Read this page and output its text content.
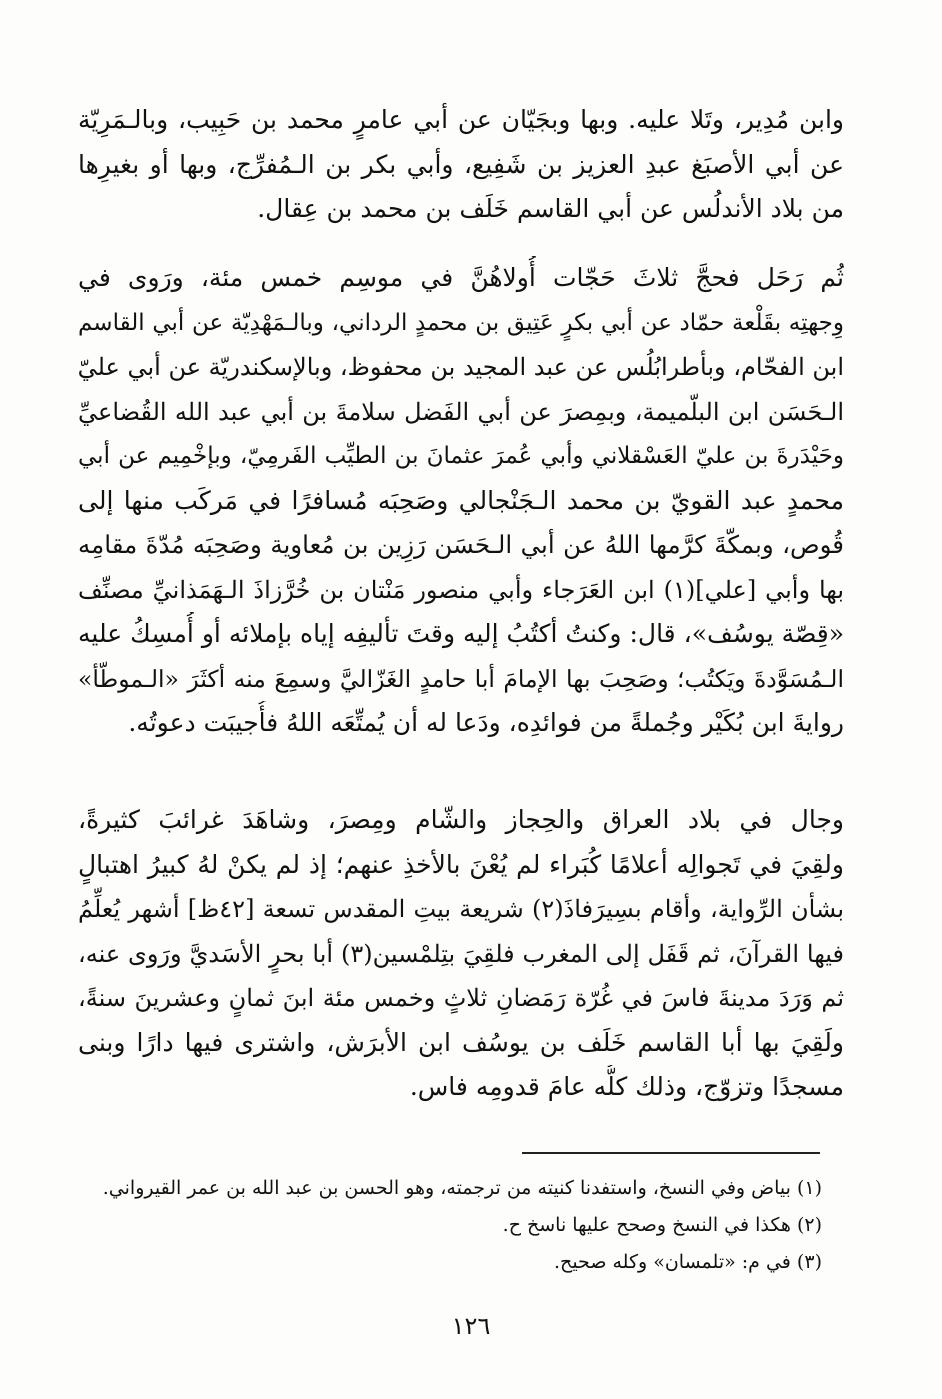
وابن مُدِير، وتَلا عليه. وبها وبجَيّان عن أبي عامرٍ محمد بن حَبِيب، وبالـمَرِيّة
عن أبي الأصبَغ عبدِ العزيز بن شَفِيع، وأبي بكر بن الـمُفرِّج، وبها أو بغيرِها
من بلاد الأندلُس عن أبي القاسم خَلَف بن محمد بن عِقال.
ثُم رَحَل فحجَّ ثلاثَ حَجّات أُولاهُنَّ في موسِم خمس مئة، ورَوى في
وِجهتِه بقَلْعة حمّاد عن أبي بكرٍ عَتِيق بن محمدٍ الرداني، وبالـمَهْدِيّة عن أبي القاسم
ابن الفحّام، وبأطرابُلُس عن عبد المجيد بن محفوظ، وبالإسكندريّة عن أبي عليّ
الـحَسَن ابن البلّميمة، وبمِصرَ عن أبي الفَضل سلامةَ بن أبي عبد الله القُضاعيِّ
وحَيْدَرةَ بن عليّ العَسْقلاني وأبي عُمرَ عثمانَ بن الطيِّب الفَرمِيّ، وبإخْمِيم عن أبي
محمدٍ عبد القويّ بن محمد الـجَنْجالي وصَحِبَه مُسافرًا في مَركَب منها إلى
قُوص، وبمكّةَ كرَّمها اللهُ عن أبي الـحَسَن رَزِين بن مُعاوية وصَحِبَه مُدّةَ مقامِه
بها وأبي [علي](١) ابن العَرَجاء وأبي منصور مَنْتان بن خُرَّزاذَ الـهَمَذانيِّ مصنِّف
«قِصّة يوسُف»، قال: وكنتُ أكتُبُ إليه وقتَ تأليفِه إياه بإملائه أو أُمسِكُ عليه
الـمُسَوَّدةَ ويَكتُب؛ وصَحِبَ بها الإمامَ أبا حامدٍ الغَزّاليَّ وسمِعَ منه أكثَرَ «الـموطّأ»
روايةَ ابن بُكَيْر وجُملةً من فوائدِه، ودَعا له أن يُمتِّعَه اللهُ فأُجيبَت دعوتُه.
وجال في بلاد العراق والحِجاز والشّام ومِصرَ، وشاهَدَ غرائبَ كثيرةً،
ولقِيَ في تَجوالِه أعلامًا كُبَراء لم يُعْنَ بالأخذِ عنهم؛ إذ لم يكنْ لهُ كبيرُ اهتبالٍ
بشأن الرِّواية، وأقام بسِيرَفاذَ(٢) شريعة بيتِ المقدس تسعة [٤٢ظ] أشهر يُعلِّمُ
فيها القرآنَ، ثم قَفَل إلى المغرب فلقِيَ بتِلمْسين(٣) أبا بحرٍ الأسَديَّ ورَوى عنه،
ثم وَرَدَ مدينةَ فاسَ في غُرّة رَمَضانِ ثلاثٍ وخمس مئة ابنَ ثمانٍ وعشرينَ سنةً،
ولَقِيَ بها أبا القاسم خَلَف بن يوسُف ابن الأبرَش، واشترى فيها دارًا وبنى
مسجدًا وتزوّج، وذلك كلُّه عامَ قدومِه فاس.
(١) بياض وفي النسخ، واستفدنا كنيته من ترجمته، وهو الحسن بن عبد الله بن عمر القيرواني.
(٢) هكذا في النسخ وصحح عليها ناسخ ح.
(٣) في م: «تلمسان» وكله صحيح.
١٢٦
